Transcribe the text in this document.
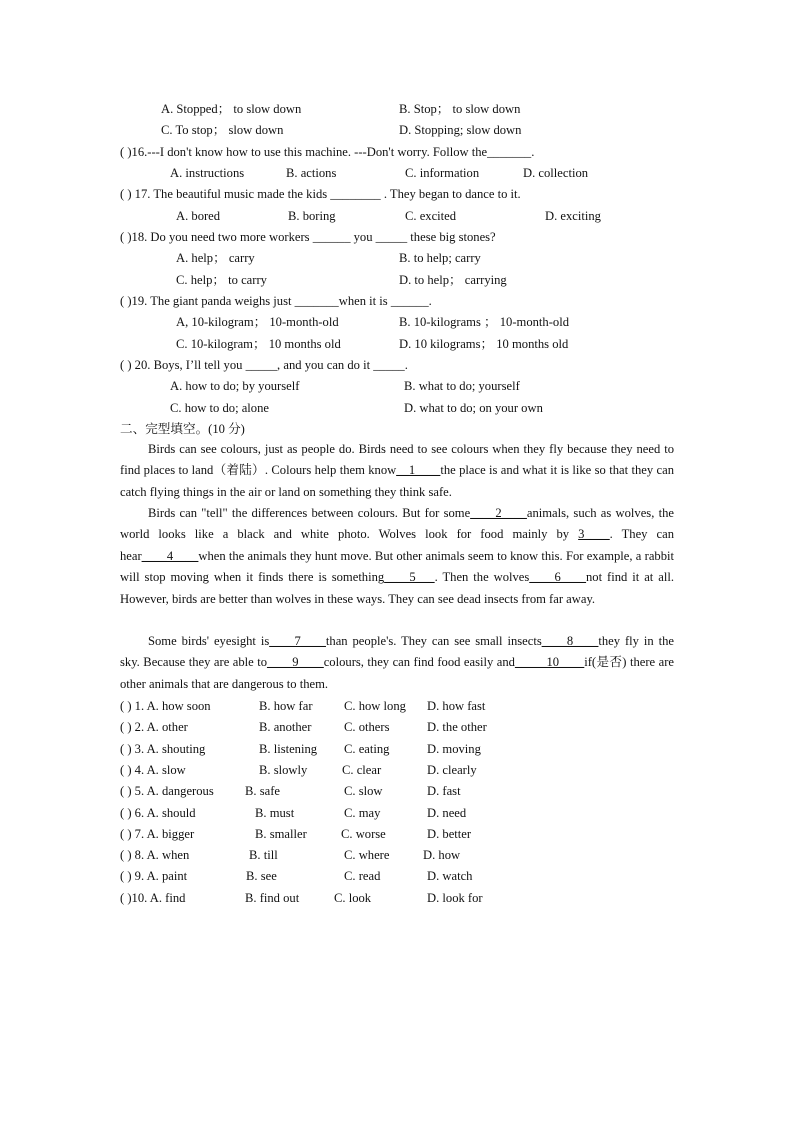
A. Stopped； to slow down	B. Stop； to slow down
C. To stop； slow down	D. Stopping; slow down
( )16.---I don't know how to use this machine. ---Don't worry. Follow the_______.
A. instructions	B. actions	C. information	D. collection
( ) 17. The beautiful music made the kids ________ . They began to dance to it.
A. bored	B. boring	C. excited	D. exciting
( )18. Do you need two more workers ______ you _____ these big stones?
A. help； carry	B. to help; carry
C. help； to carry	D. to help； carrying
( )19. The giant panda weighs just _______when it is ______.
A, 10-kilogram； 10-month-old	B. 10-kilograms ； 10-month-old
C. 10-kilogram； 10 months old	D. 10 kilograms； 10 months old
( ) 20. Boys, I’ll tell you _____, and you can do it _____.
A. how to do; by yourself	B. what to do; yourself
C. how to do; alone	D. what to do; on your own
二、完型填空。(10 分)
Birds can see colours, just as people do. Birds need to see colours when they fly because they need to find places to land（着陆）. Colours help them know__1____the place is and what it is like so that they can catch flying things in the air or land on something they think safe.
Birds can "tell" the differences between colours. But for some____2____animals, such as wolves, the world looks like a black and white photo. Wolves look for food mainly by 3____. They can hear____4____when the animals they hunt move. But other animals seem to know this. For example, a rabbit will stop moving when it finds there is something____5___. Then the wolves____6____not find it at all. However, birds are better than wolves in these ways. They can see dead insects from far away.
Some birds' eyesight is____7____than people's. They can see small insects____8____they fly in the sky. Because they are able to____9____colours, they can find food easily and_____10____if(是否) there are other animals that are dangerous to them.
( ) 1. A. how soon	B. how far C. how long D. how fast
( ) 2. A. other	B. another	C. others	D. the other
( ) 3. A. shouting	B. listening C. eating	D. moving
( ) 4. A. slow	B. slowly	C. clear	D. clearly
( ) 5. A. dangerous B. safe	C. slow	D. fast
( ) 6. A. should	B. must	C. may	D. need
( ) 7. A. bigger	B. smaller	C. worse	D. better
( ) 8. A. when	B. till	C. where	D. how
( ) 9. A. paint	B. see	C. read	D. watch
( )10. A. find	B. find out	C. look	D. look for
